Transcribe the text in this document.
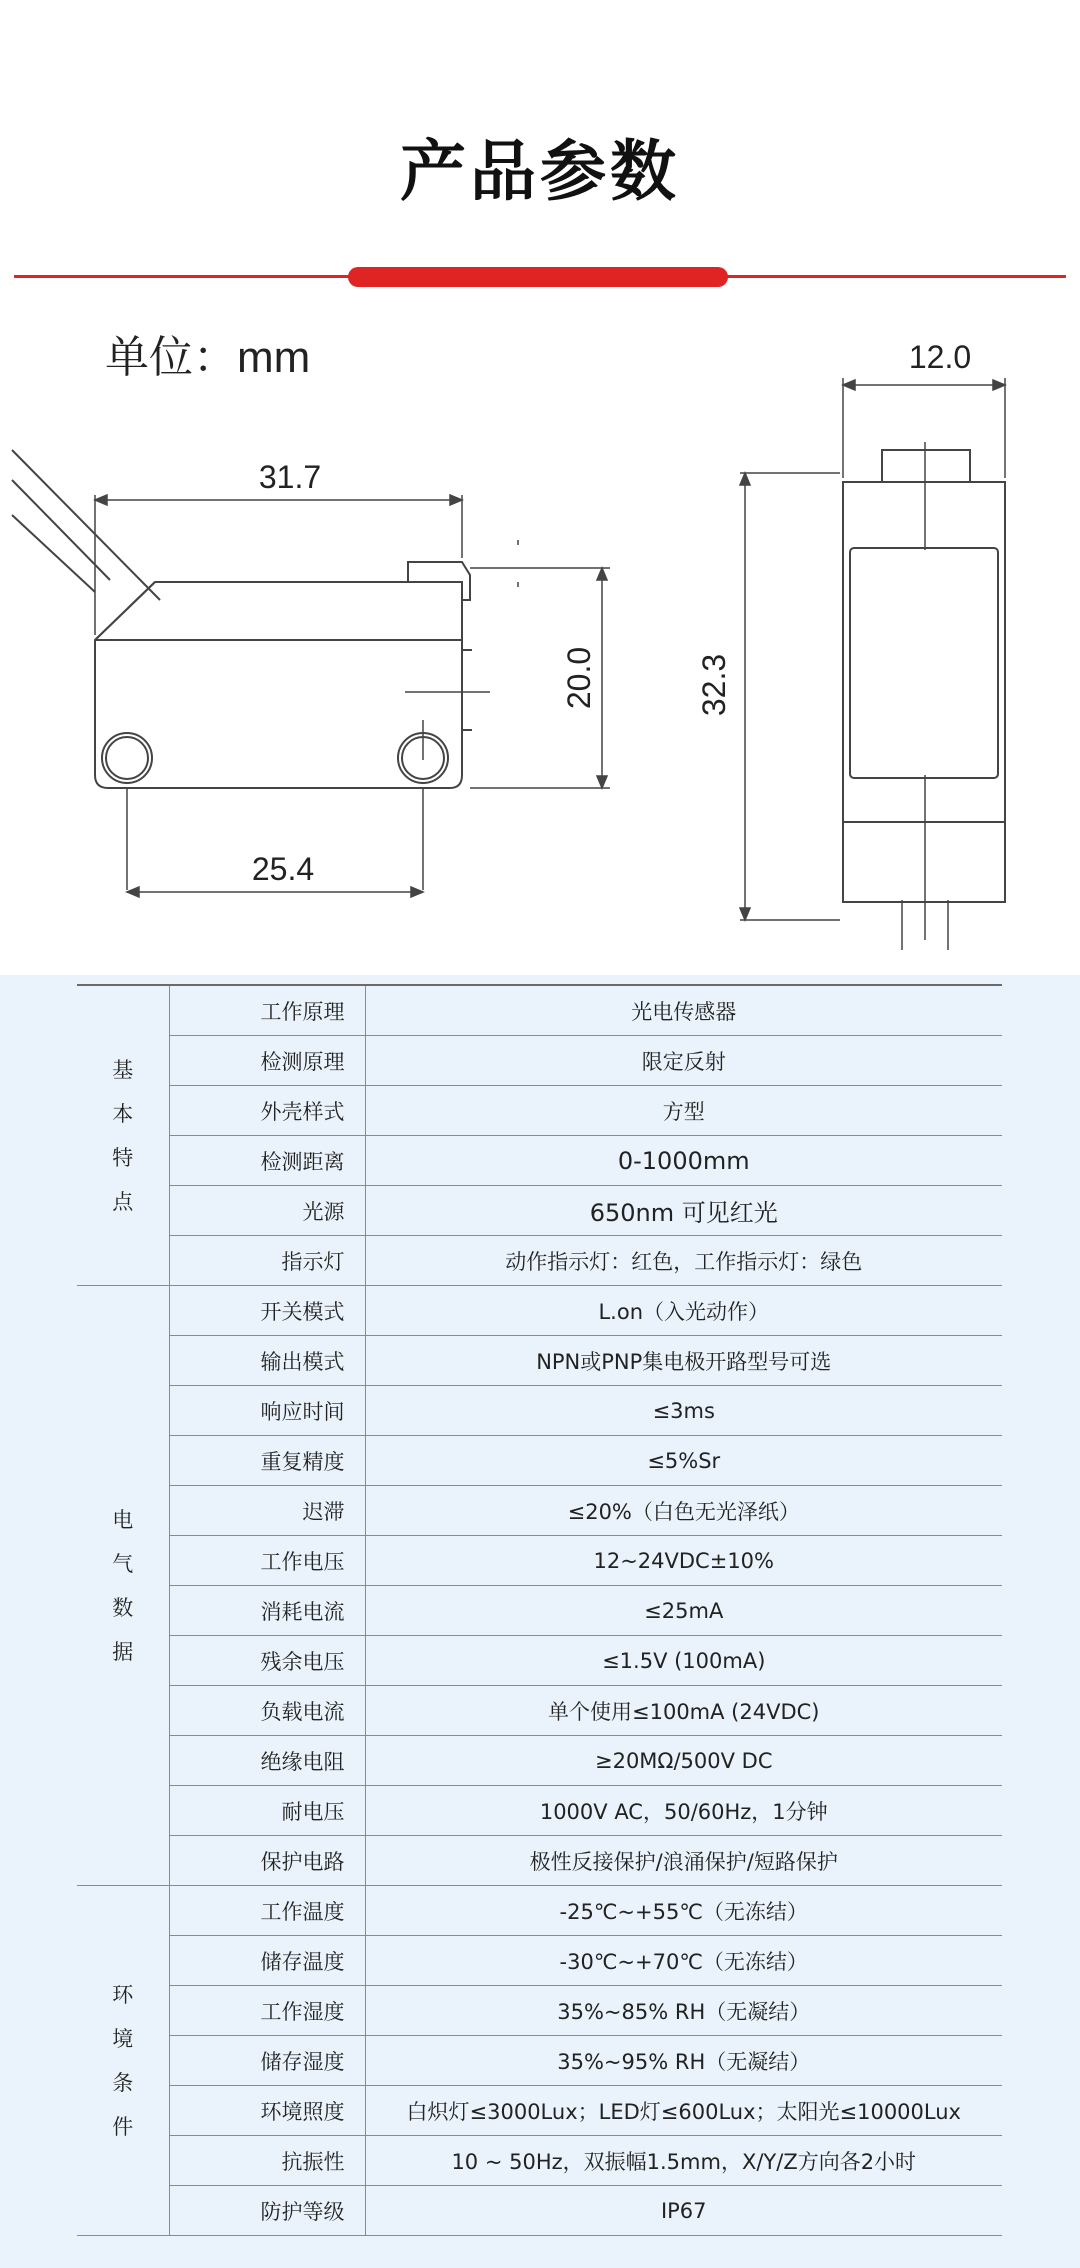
产品参数
单位：mm
31.7
25.4
20.0
12.0
32.3
基
本
特
点	工作原理	光电传感器
	检测原理	限定反射
	外壳样式	方型
	检测距离	0-1000mm
	光源	650nm 可见红光
	指示灯	动作指示灯：红色，工作指示灯：绿色

电
气
数
据	开关模式	L.on（入光动作）
	输出模式	NPN或PNP集电极开路型号可选
	响应时间	≤3ms
	重复精度	≤5%Sr
	迟滞	≤20%（白色无光泽纸）
	工作电压	12~24VDC±10%
	消耗电流	≤25mA
	残余电压	≤1.5V (100mA)
	负载电流	单个使用≤100mA (24VDC)
	绝缘电阻	≥20MΩ/500V DC
	耐电压	1000V AC，50/60Hz，1分钟
	保护电路	极性反接保护/浪涌保护/短路保护

环
境
条
件	工作温度	-25℃~+55℃（无冻结）
	储存温度	-30℃~+70℃（无冻结）
	工作湿度	35%~85% RH（无凝结）
	储存湿度	35%~95% RH（无凝结）
	环境照度	白炽灯≤3000Lux；LED灯≤600Lux；太阳光≤10000Lux
	抗振性	10 ~ 50Hz，双振幅1.5mm，X/Y/Z方向各2小时
	防护等级	IP67
